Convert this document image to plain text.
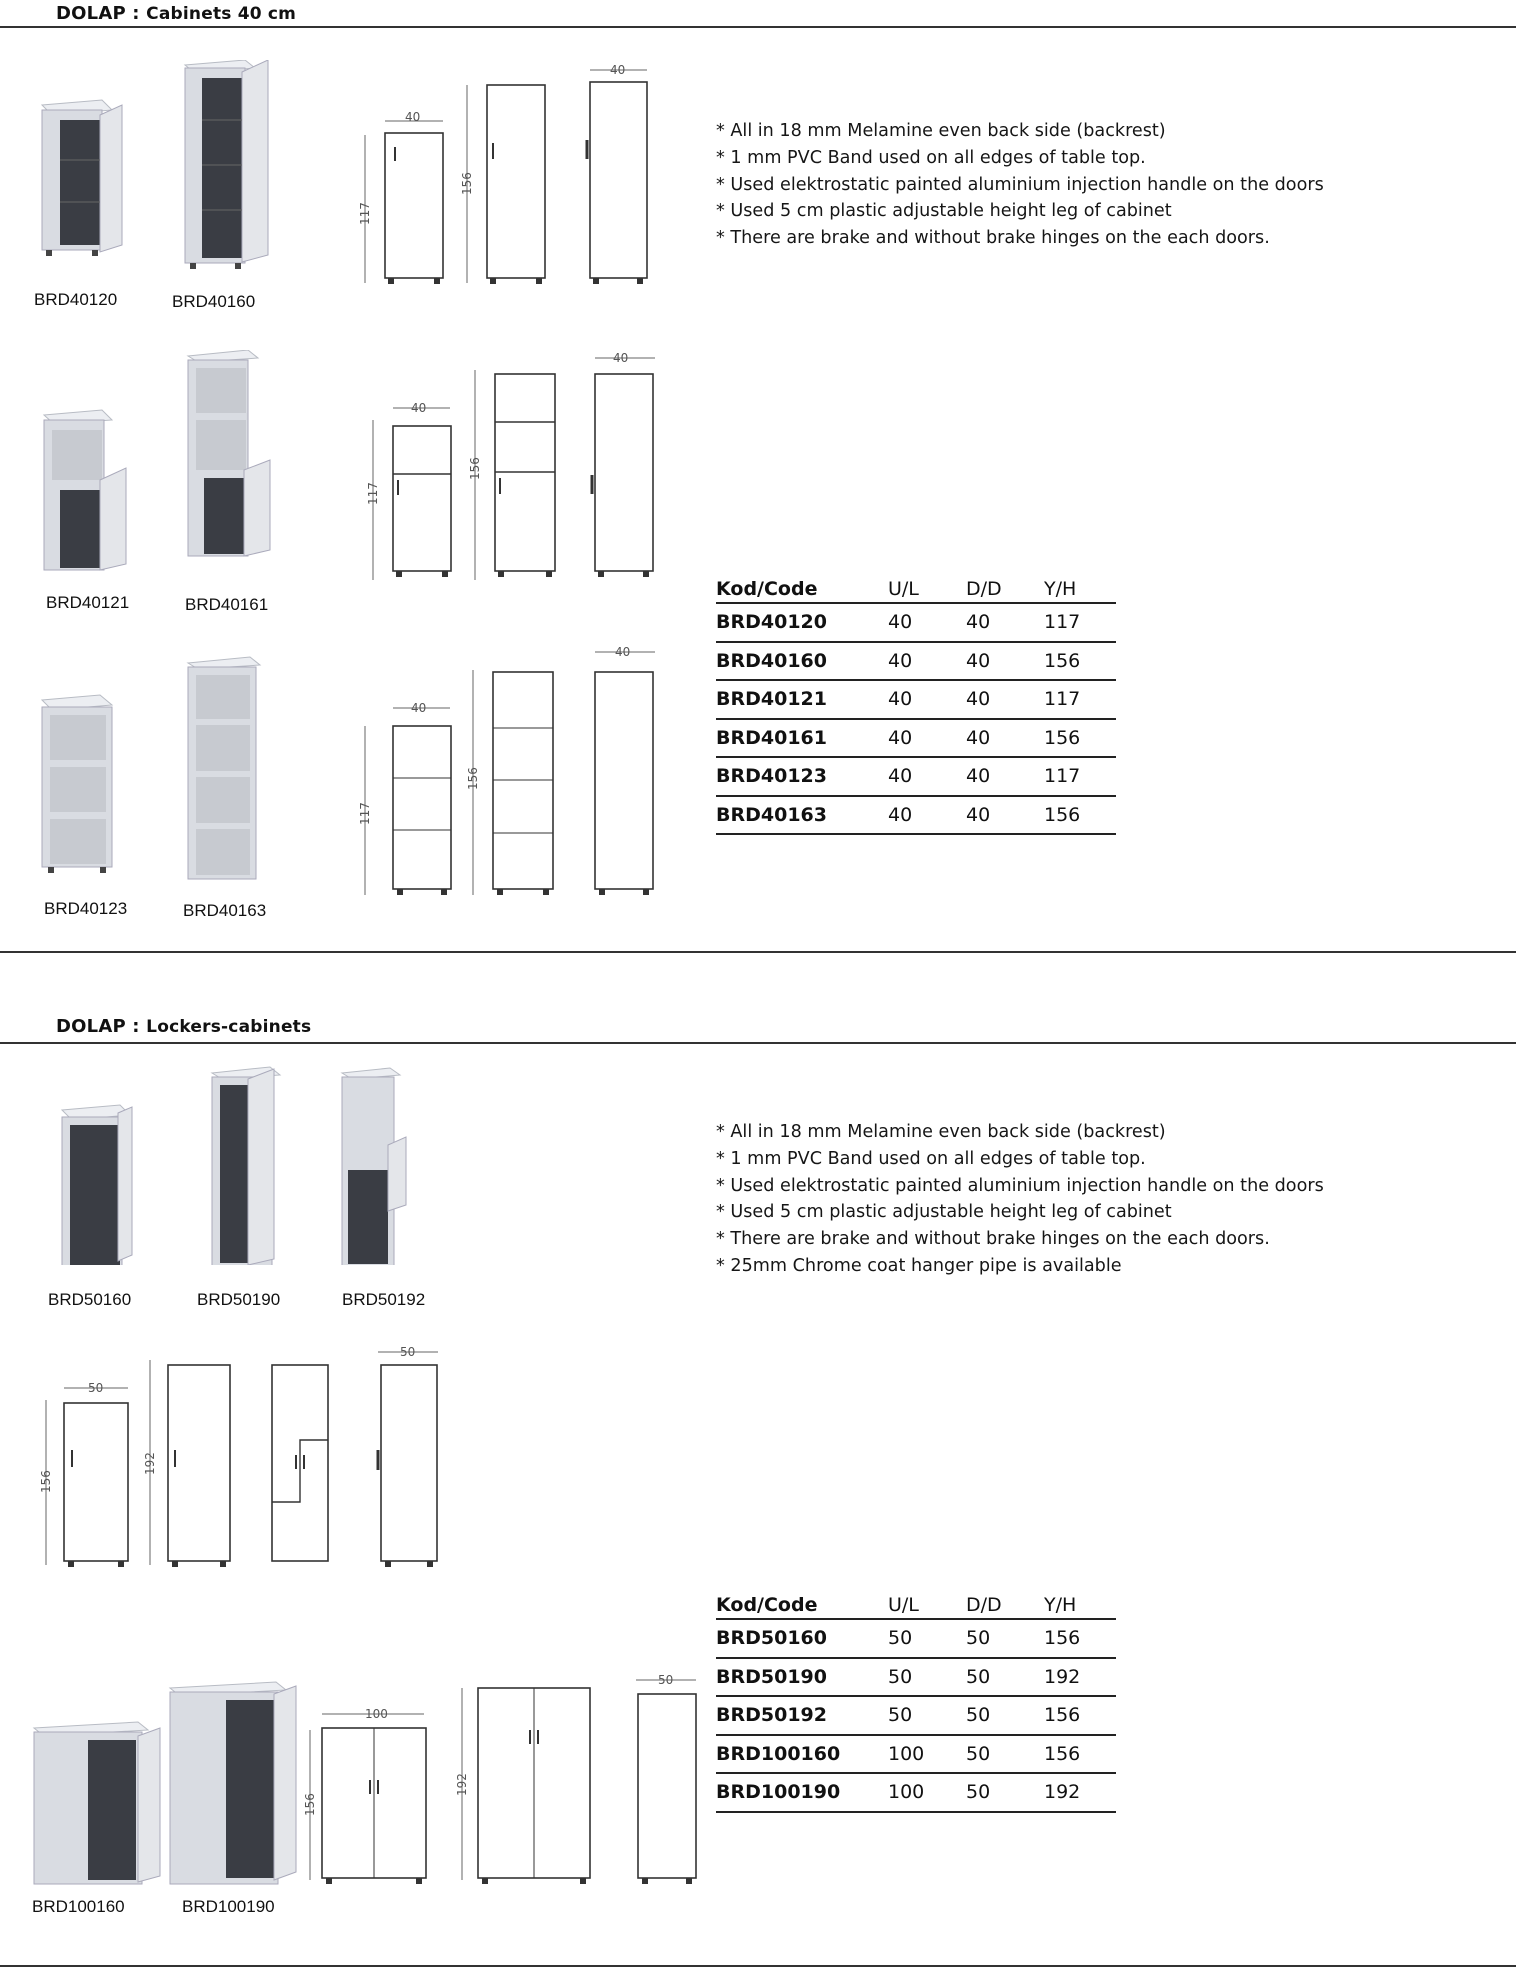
DOLAP : Cabinets 40 cm
BRD40120	BRD40160
40
117
156
40
* All in 18 mm Melamine even back side (backrest)
* 1 mm PVC Band used on all edges of table top.
* Used elektrostatic painted aluminium injection handle on the doors
* Used 5 cm plastic adjustable height leg of cabinet
* There are brake and without brake hinges on the each doors.
BRD40121	BRD40161
40
117
156
40
Kod/Code	U/L	D/D	Y/H
BRD40120	40	40	117
BRD40160	40	40	156
BRD40121	40	40	117
BRD40161	40	40	156
BRD40123	40	40	117
BRD40163	40	40	156
BRD40123	BRD40163
40
117
156
40
DOLAP : Lockers-cabinets
BRD50160	BRD50190	BRD50192
* All in 18 mm Melamine even back side (backrest)
* 1 mm PVC Band used on all edges of table top.
* Used elektrostatic painted aluminium injection handle on the doors
* Used 5 cm plastic adjustable height leg of cabinet
* There are brake and without brake hinges on the each doors.
* 25mm Chrome coat hanger pipe is available
50
156
192
50
Kod/Code	U/L	D/D	Y/H
BRD50160	50	50	156
BRD50190	50	50	192
BRD50192	50	50	156
BRD100160	100	50	156
BRD100190	100	50	192
100
156
192
50
BRD100160	BRD100190
